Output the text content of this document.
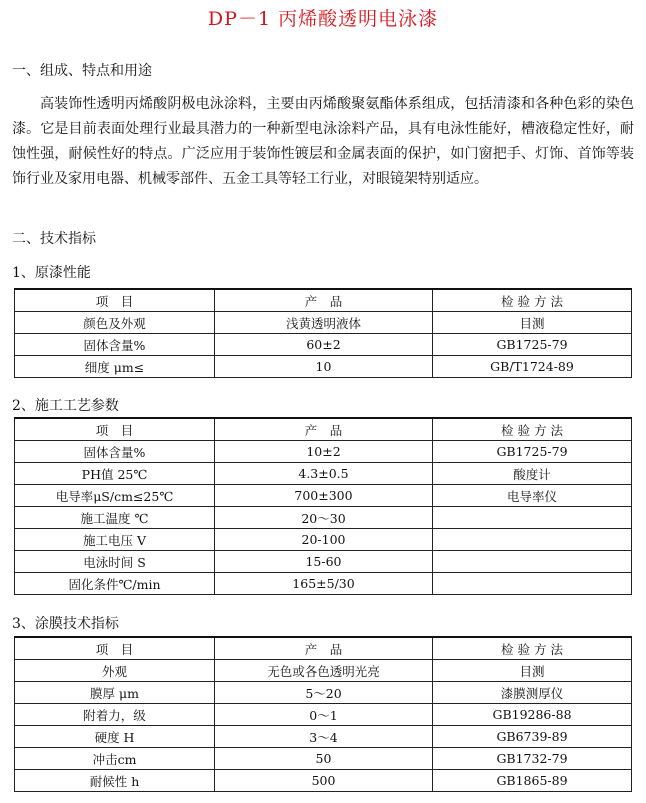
DP－1 丙烯酸透明电泳漆
一、组成、特点和用途
高装饰性透明丙烯酸阴极电泳涂料，主要由丙烯酸聚氨酯体系组成，包括清漆和各种色彩的染色漆。它是目前表面处理行业最具潜力的一种新型电泳涂料产品，具有电泳性能好，槽液稳定性好，耐蚀性强，耐候性好的特点。广泛应用于装饰性镀层和金属表面的保护，如门窗把手、灯饰、首饰等装饰行业及家用电器、机械零部件、五金工具等轻工行业，对眼镜架特别适应。
二、技术指标
1、原漆性能
项　目	产　品	检 验 方 法
颜色及外观	浅黄透明液体	目测
固体含量%	60±2	GB1725-79
细度 μm≤	10	GB/T1724-89
2、施工工艺参数
项　目	产　品	检 验 方 法
固体含量%	10±2	GB1725-79
PH值 25℃	4.3±0.5	酸度计
电导率μS/cm≤25℃	700±300	电导率仪
施工温度 ℃	20～30	
施工电压 V	20-100	
电泳时间 S	15-60	
固化条件℃/min	165±5/30	
3、涂膜技术指标
项　目	产　品	检 验 方 法
外观	无色或各色透明光亮	目测
膜厚 μm	5～20	漆膜测厚仪
附着力，级	0～1	GB19286-88
硬度 H	3～4	GB6739-89
冲击cm	50	GB1732-79
耐候性 h	500	GB1865-89
